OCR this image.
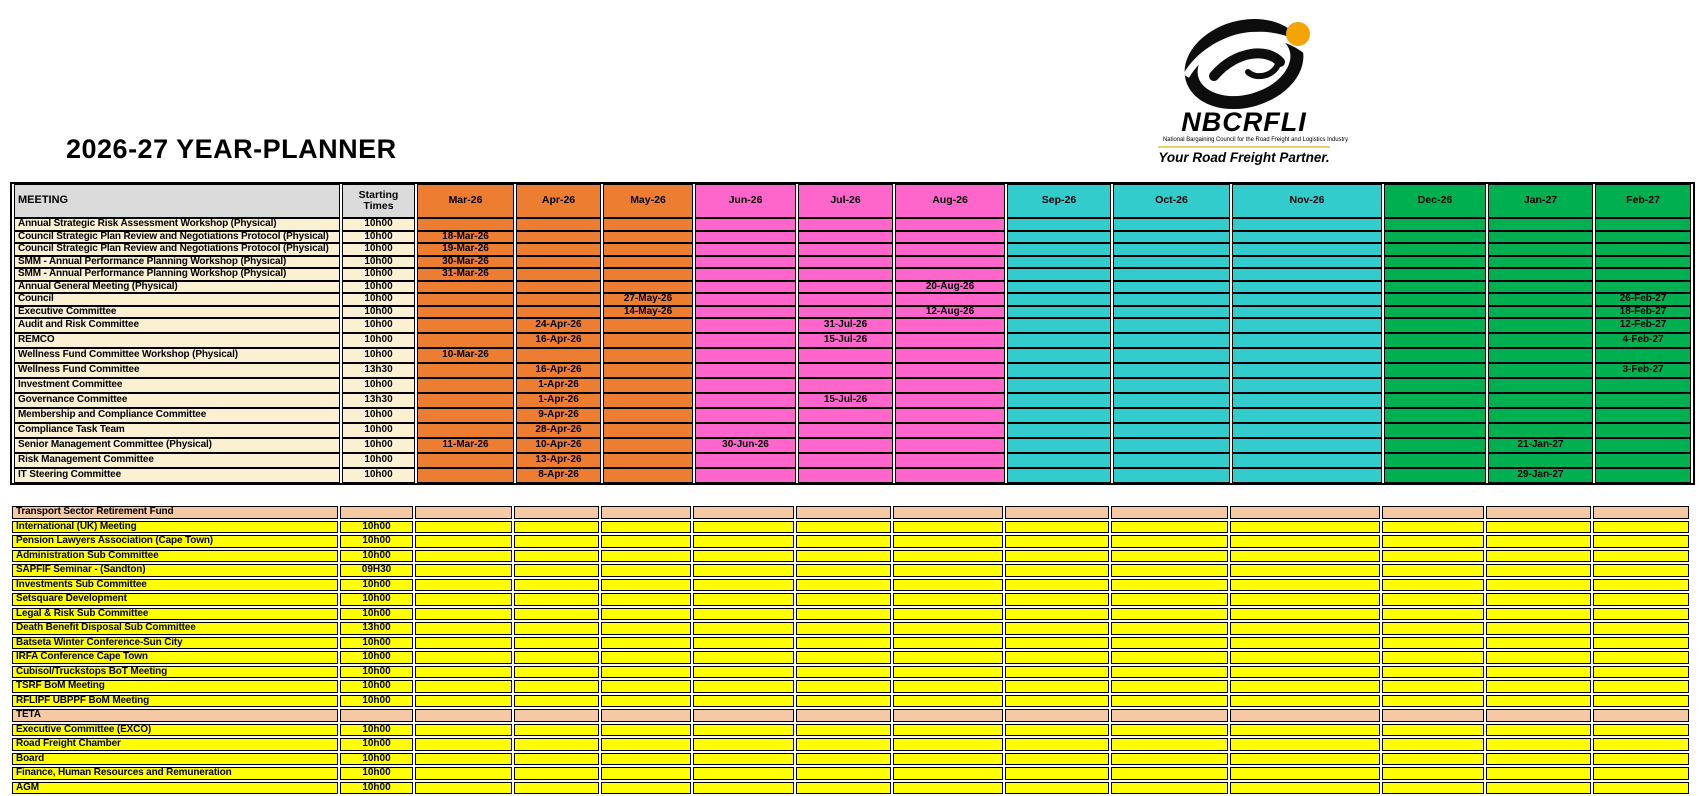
2026-27 YEAR-PLANNER
NBCRFLI
National Bargaining Council for the Road Freight and Logistics Industry
Your Road Freight Partner.
MEETING	Starting Times	Mar-26	Apr-26	May-26	Jun-26	Jul-26	Aug-26	Sep-26	Oct-26	Nov-26	Dec-26	Jan-27	Feb-27
Annual Strategic Risk Assessment Workshop (Physical)	10h00												
Council Strategic Plan Review and Negotiations Protocol (Physical)	10h00	18-Mar-26											
Council Strategic Plan Review and Negotiations Protocol (Physical)	10h00	19-Mar-26											
SMM - Annual Performance Planning Workshop (Physical)	10h00	30-Mar-26											
SMM - Annual Performance Planning Workshop (Physical)	10h00	31-Mar-26											
Annual General Meeting (Physical)	10h00						20-Aug-26						
Council	10h00			27-May-26									26-Feb-27
Executive Committee	10h00			14-May-26			12-Aug-26						18-Feb-27
Audit and Risk Committee	10h00		24-Apr-26			31-Jul-26							12-Feb-27
REMCO	10h00		16-Apr-26			15-Jul-26							4-Feb-27
Wellness Fund Committee Workshop (Physical)	10h00	10-Mar-26											
Wellness Fund Committee	13h30		16-Apr-26										3-Feb-27
Investment Committee	10h00		1-Apr-26										
Governance Committee	13h30		1-Apr-26			15-Jul-26							
Membership and Compliance Committee	10h00		9-Apr-26										
Compliance Task Team	10h00		28-Apr-26										
Senior Management Committee (Physical)	10h00	11-Mar-26	10-Apr-26		30-Jun-26							21-Jan-27	
Risk Management Committee	10h00		13-Apr-26										
IT Steering Committee	10h00		8-Apr-26									29-Jan-27	
Transport Sector Retirement Fund													
International (UK) Meeting	10h00												
Pension Lawyers Association (Cape Town)	10h00												
Administration Sub Committee	10h00												
SAPFIF Seminar - (Sandton)	09H30												
Investments Sub Committee	10h00												
Setsquare Development	10h00												
Legal & Risk Sub Committee	10h00												
Death Benefit Disposal Sub Committee	13h00												
Batseta Winter Conference-Sun City	10h00												
IRFA Conference Cape Town	10h00												
Cubisol/Truckstops BoT Meeting	10h00												
TSRF BoM Meeting	10h00												
RFLIPF UBPPF BoM Meeting	10h00												
TETA													
Executive Committee (EXCO)	10h00												
Road Freight Chamber	10h00												
Board	10h00												
Finance, Human Resources and Remuneration	10h00												
AGM	10h00												
